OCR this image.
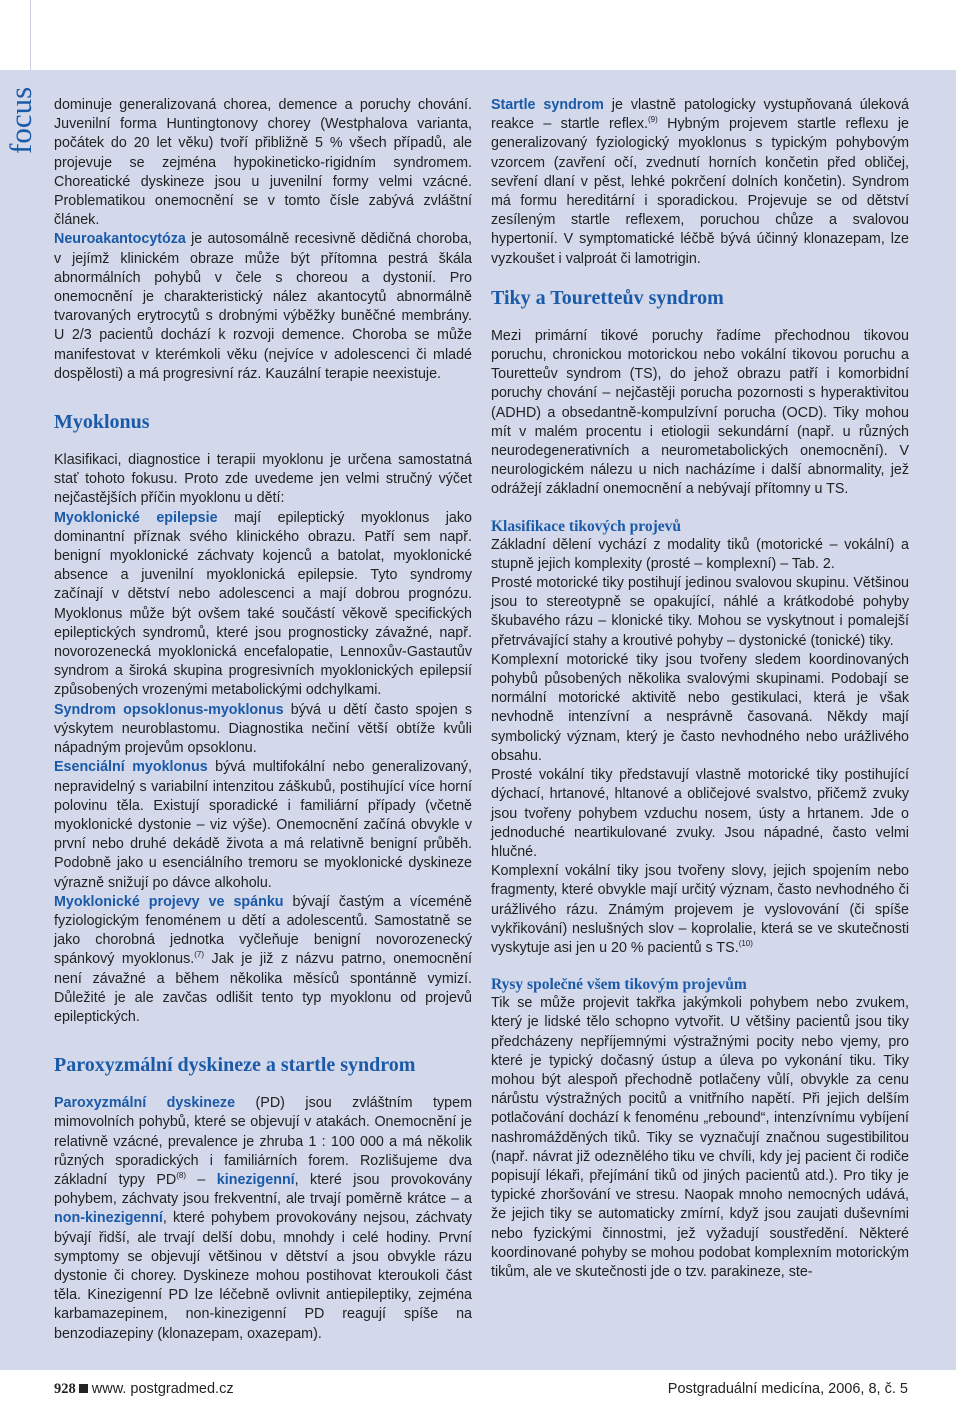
focus dominuje generalizovaná chorea, demence a poruchy chování. Juvenilní forma Huntingtonovy chorey (Westphalova varianta, počátek do 20 let věku) tvoří přibližně 5 % všech případů, ale projevuje se zejména hypokineticko-rigidním syndromem. Choreatické dyskineze jsou u juvenilní formy velmi vzácné. Problematikou onemocnění se v tomto čísle zabývá zvláštní článek.

Neuroakantocytóza je autosomálně recesivně dědičná choroba, v jejímž klinickém obraze může být přítomna pestrá škála abnormálních pohybů v čele s choreou a dystonií. Pro onemocnění je charakteristický nález akantocytů abnormálně tvarovaných erytrocytů s drobnými výběžky buněčné membrány. U 2/3 pacientů dochází k rozvoji demence. Choroba se může manifestovat v kterémkoli věku (nejvíce v adolescenci či mladé dospělosti) a má progresivní ráz. Kauzální terapie neexistuje.

Myoklonus

Klasifikaci, diagnostice i terapii myoklonu je určena samostatná stať tohoto fokusu. Proto zde uvedeme jen velmi stručný výčet nejčastějších příčin myoklonu u dětí:

Myoklonické epilepsie mají epileptický myoklonus jako dominantní příznak svého klinického obrazu. Patří sem např. benigní myoklonické záchvaty kojenců a batolat, myoklonické absence a juvenilní myoklonická epilepsie. Tyto syndromy začínají v dětství nebo adolescenci a mají dobrou prognózu. Myoklonus může být ovšem také součástí věkově specifických epileptických syndromů, které jsou prognosticky závažné, např. novorozenecká myoklonická encefalopatie, Lennoxův-Gastautův syndrom a široká skupina progresivních myoklonických epilepsií způsobených vrozenými metabolickými odchylkami.

Syndrom opsoklonus-myoklonus bývá u dětí často spojen s výskytem neuroblastomu. Diagnostika nečiní větší obtíže kvůli nápadným projevům opsoklonu.

Esenciální myoklonus bývá multifokální nebo generalizovaný, nepravidelný s variabilní intenzitou záškubů, postihující více horní polovinu těla. Existují sporadické i familiární případy (včetně myoklonické dystonie – viz výše). Onemocnění začíná obvykle v první nebo druhé dekádě života a má relativně benigní průběh. Podobně jako u esenciálního tremoru se myoklonické dyskineze výrazně snižují po dávce alkoholu.

Myoklonické projevy ve spánku bývají častým a víceméně fyziologickým fenoménem u dětí a adolescentů. Samostatně se jako chorobná jednotka vyčleňuje benigní novorozenecký spánkový myoklonus.$^{(7)}$ Jak je již z názvu patrno, onemocnění není závažné a během několika měsíců spontánně vymizí. Důležité je ale zavčas odlišit tento typ myoklonu od projevů epileptických.

Paroxyzmální dyskineze a startle syndrom

Paroxyzmální dyskineze (PD) jsou zvláštním typem mimovolních pohybů, které se objevují v atakách. Onemocnění je relativně vzácné, prevalence je zhruba 1 : 100 000 a má několik různých sporadických i familiárních forem. Rozlišujeme dva základní typy PD$^{(8)}$ – kinezigenní, které jsou provokovány pohybem, záchvaty jsou frekventní, ale trvají poměrně krátce – a non-kinezigenní, které pohybem provokovány nejsou, záchvaty bývají řidší, ale trvají delší dobu, mnohdy i celé hodiny. První symptomy se objevují většinou v dětství a jsou obvykle rázu dystonie či chorey. Dyskineze mohou postihovat kteroukoli část těla. Kinezigenní PD lze léčebně ovlivnit antiepileptiky, zejména karbamazepinem, non-kinezigenní PD reagují spíše na benzodiazepiny (klonazepam, oxazepam).

Startle syndrom je vlastně patologicky vystupňovaná úleková reakce – startle reflex.$^{(9)}$ Hybným projevem startle reflexu je generalizovaný fyziologický myoklonus s typickým pohybovým vzorcem (zavření očí, zvednutí horních končetin před obličej, sevření dlaní v pěst, lehké pokrčení dolních končetin). Syndrom má formu hereditární i sporadickou. Projevuje se od dětství zesíleným startle reflexem, poruchou chůze a svalovou hypertonií. V symptomatické léčbě bývá účinný klonazepam, lze vyzkoušet i valproát či lamotrigin.

Tiky a Touretteův syndrom

Mezi primární tikové poruchy řadíme přechodnou tikovou poruchu, chronickou motorickou nebo vokální tikovou poruchu a Touretteův syndrom (TS), do jehož obrazu patří i komorbidní poruchy chování – nejčastěji porucha pozornosti s hyperaktivitou (ADHD) a obsedantně-kompulzívní porucha (OCD). Tiky mohou mít v malém procentu i etiologii sekundární (např. u různých neurodegenerativních a neurometabolických onemocnění). V neurologickém nálezu u nich nacházíme i další abnormality, jež odrážejí základní onemocnění a nebývají přítomny u TS.

Klasifikace tikových projevů

Základní dělení vychází z modality tiků (motorické – vokální) a stupně jejich komplexity (prosté – komplexní) – Tab. 2.

Prosté motorické tiky postihují jedinou svalovou skupinu. Většinou jsou to stereotypně se opakující, náhlé a krátkodobé pohyby škubavého rázu – klonické tiky. Mohou se vyskytnout i pomalejší přetrvávající stahy a kroutivé pohyby – dystonické (tonické) tiky.

Komplexní motorické tiky jsou tvořeny sledem koordinovaných pohybů působených několika svalovými skupinami. Podobají se normální motorické aktivitě nebo gestikulaci, která je však nevhodně intenzívní a nesprávně časovaná. Někdy mají symbolický význam, který je často nevhodného nebo urážlivého obsahu.

Prosté vokální tiky představují vlastně motorické tiky postihující dýchací, hrtanové, hltanové a obličejové svalstvo, přičemž zvuky jsou tvořeny pohybem vzduchu nosem, ústy a hrtanem. Jde o jednoduché neartikulované zvuky. Jsou nápadné, často velmi hlučné.

Komplexní vokální tiky jsou tvořeny slovy, jejich spojením nebo fragmenty, které obvykle mají určitý význam, často nevhodného či urážlivého rázu. Známým projevem je vyslovování (či spíše vykřikování) neslušných slov – koprolalie, která se ve skutečnosti vyskytuje asi jen u 20 % pacientů s TS.$^{(10)}$

Rysy společné všem tikovým projevům

Tik se může projevit takřka jakýmkoli pohybem nebo zvukem, který je lidské tělo schopno vytvořit. U většiny pacientů jsou tiky předcházeny nepříjemnými výstražnými pocity nebo vjemy, pro které je typický dočasný ústup a úleva po vykonání tiku. Tiky mohou být alespoň přechodně potlačeny vůlí, obvykle za cenu nárůstu výstražných pocitů a vnitřního napětí. Při jejich delším potlačování dochází k fenoménu „rebound“, intenzívnímu vybíjení nashromážděných tiků. Tiky se vyznačují značnou sugestibilitou (např. návrat již odeznělého tiku ve chvíli, kdy jej pacient či rodiče popisují lékaři, přejímání tiků od jiných pacientů atd.). Pro tiky je typické zhoršování ve stresu. Naopak mnoho nemocných udává, že jejich tiky se automaticky zmírní, když jsou zaujati duševními nebo fyzickými činnostmi, jež vyžadují soustředění. Některé koordinované pohyby se mohou podobat komplexním motorickým tikům, ale ve skutečnosti jde o tzv. parakineze, ste-

928 www. postgradmed.cz	Postgraduální medicína, 2006, 8, č. 5
